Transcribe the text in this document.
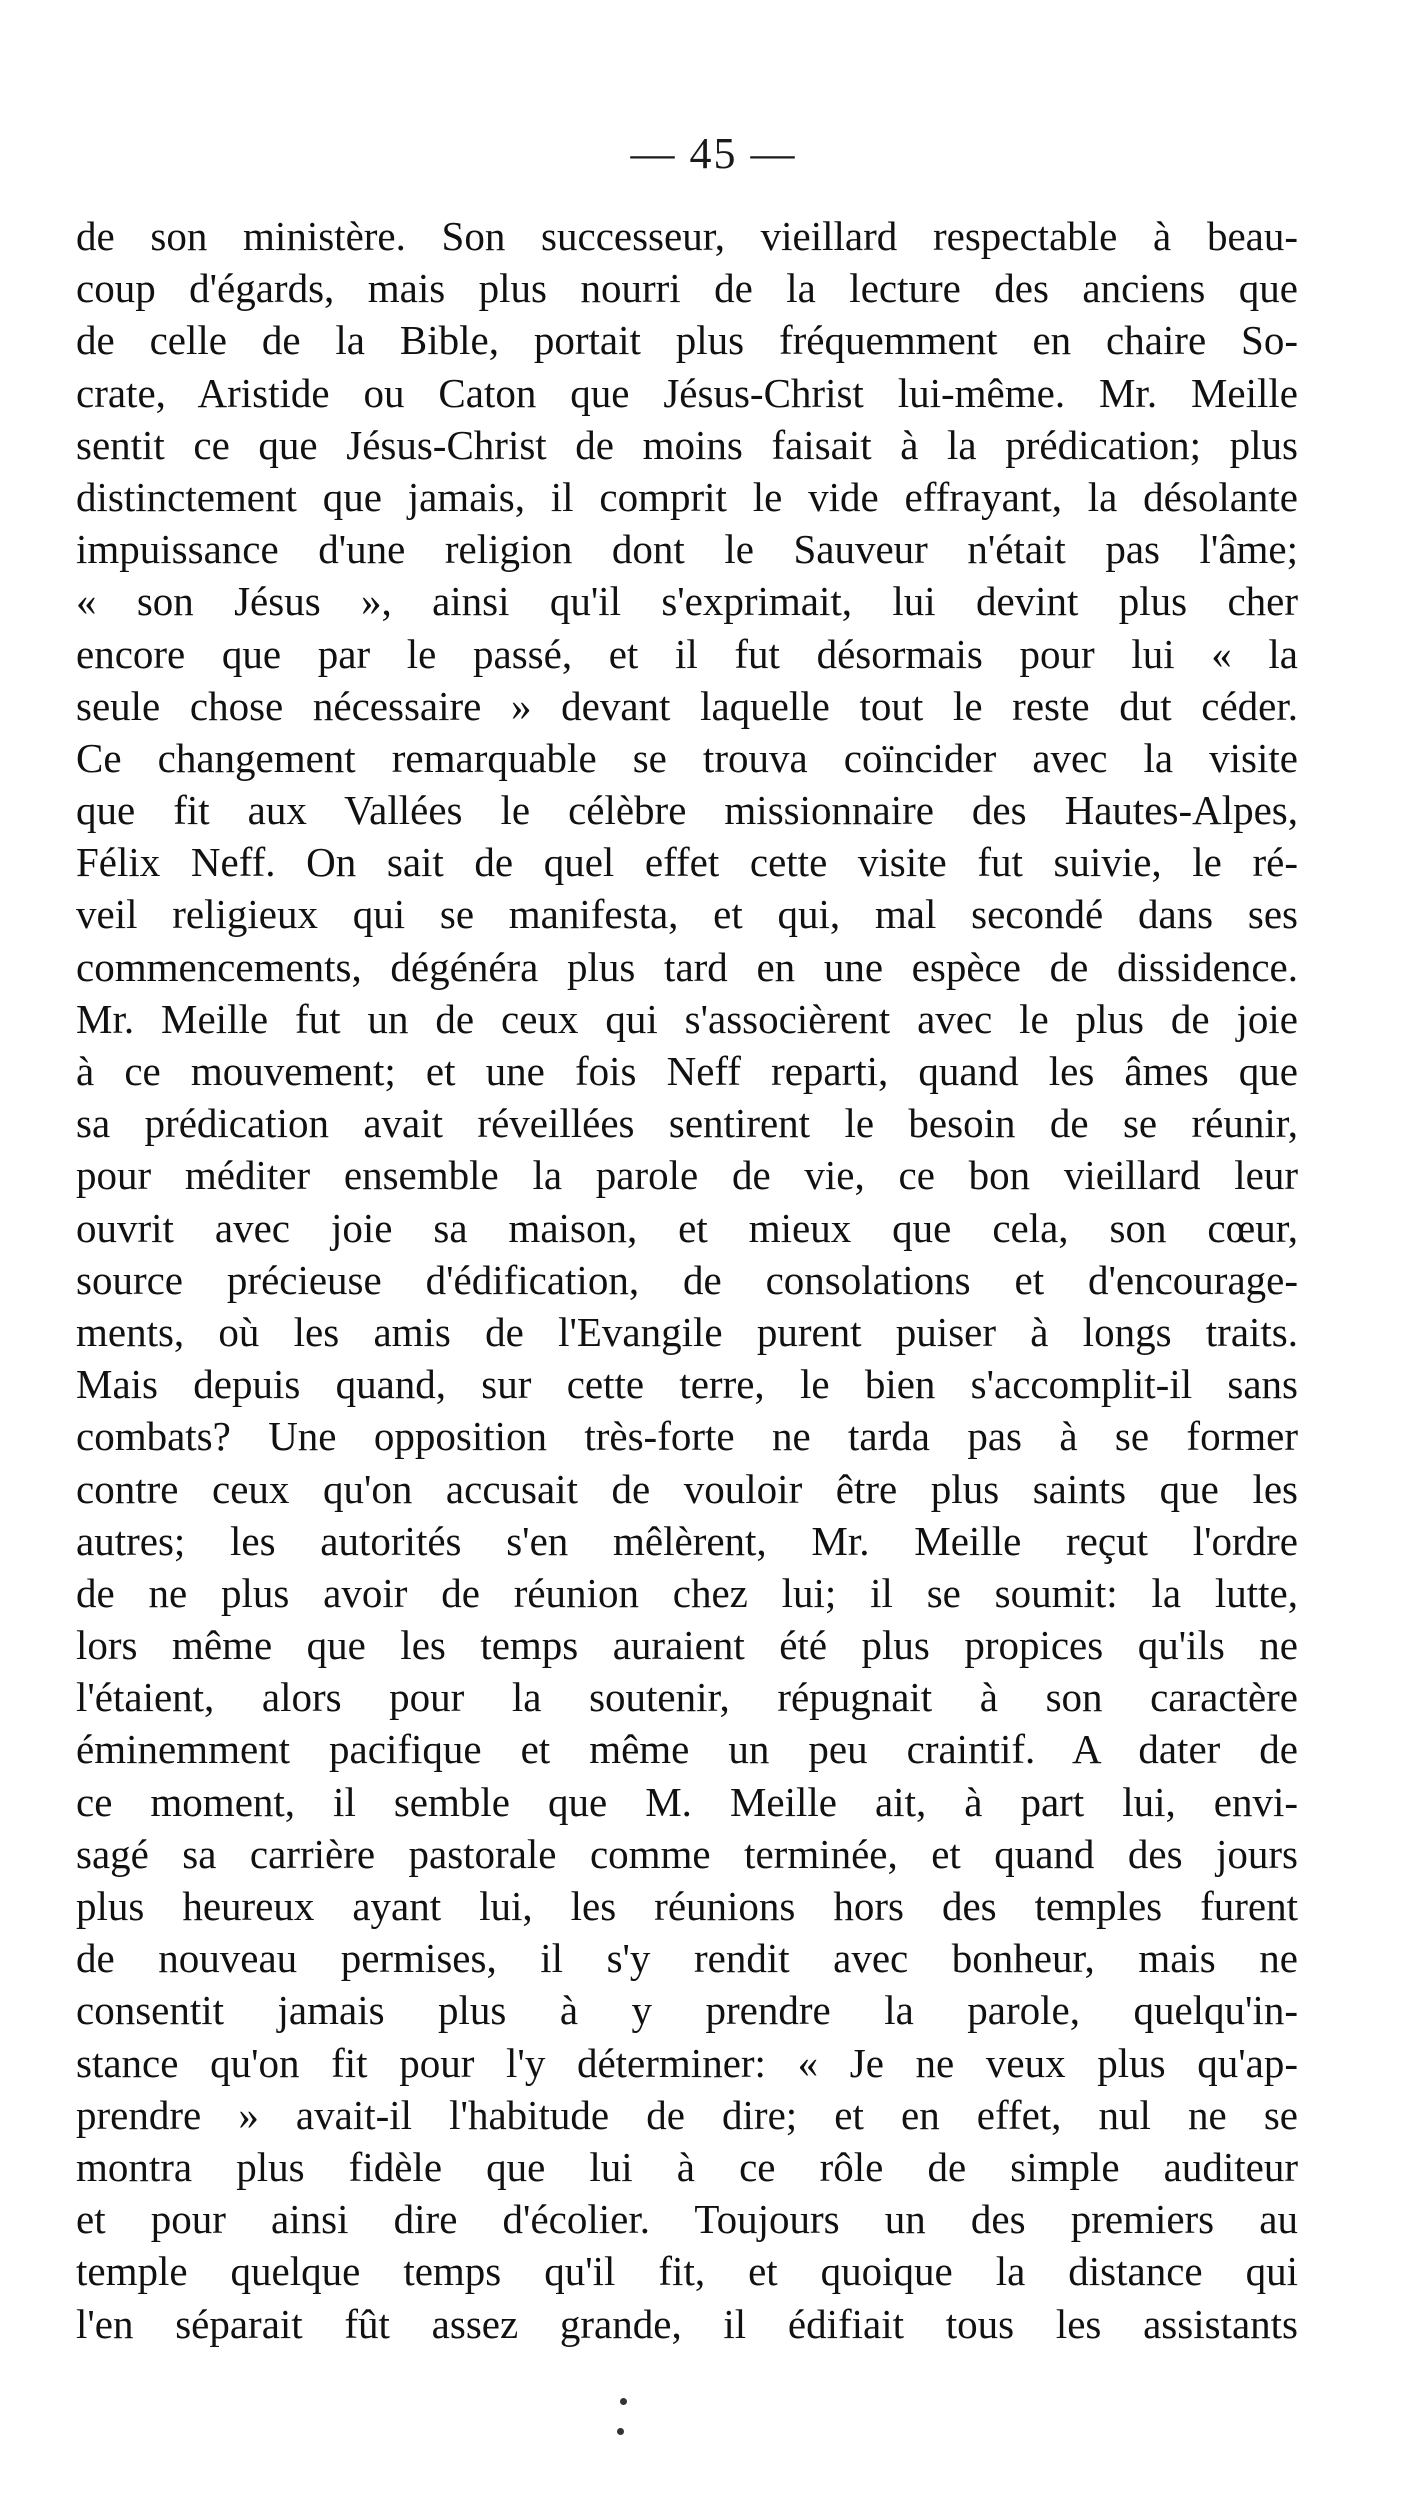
— 45 —
de son ministère. Son successeur, vieillard respectable à beau-
coup d'égards, mais plus nourri de la lecture des anciens que
de celle de la Bible, portait plus fréquemment en chaire So-
crate, Aristide ou Caton que Jésus-Christ lui-même. Mr. Meille
sentit ce que Jésus-Christ de moins faisait à la prédication; plus
distinctement que jamais, il comprit le vide effrayant, la désolante
impuissance d'une religion dont le Sauveur n'était pas l'âme;
« son Jésus », ainsi qu'il s'exprimait, lui devint plus cher
encore que par le passé, et il fut désormais pour lui « la
seule chose nécessaire » devant laquelle tout le reste dut céder.
Ce changement remarquable se trouva coïncider avec la visite
que fit aux Vallées le célèbre missionnaire des Hautes-Alpes,
Félix Neff. On sait de quel effet cette visite fut suivie, le ré-
veil religieux qui se manifesta, et qui, mal secondé dans ses
commencements, dégénéra plus tard en une espèce de dissidence.
Mr. Meille fut un de ceux qui s'associèrent avec le plus de joie
à ce mouvement; et une fois Neff reparti, quand les âmes que
sa prédication avait réveillées sentirent le besoin de se réunir,
pour méditer ensemble la parole de vie, ce bon vieillard leur
ouvrit avec joie sa maison, et mieux que cela, son cœur,
source précieuse d'édification, de consolations et d'encourage-
ments, où les amis de l'Evangile purent puiser à longs traits.
Mais depuis quand, sur cette terre, le bien s'accomplit-il sans
combats? Une opposition très-forte ne tarda pas à se former
contre ceux qu'on accusait de vouloir être plus saints que les
autres; les autorités s'en mêlèrent, Mr. Meille reçut l'ordre
de ne plus avoir de réunion chez lui; il se soumit: la lutte,
lors même que les temps auraient été plus propices qu'ils ne
l'étaient, alors pour la soutenir, répugnait à son caractère
éminemment pacifique et même un peu craintif. A dater de
ce moment, il semble que M. Meille ait, à part lui, envi-
sagé sa carrière pastorale comme terminée, et quand des jours
plus heureux ayant lui, les réunions hors des temples furent
de nouveau permises, il s'y rendit avec bonheur, mais ne
consentit jamais plus à y prendre la parole, quelqu'in-
stance qu'on fit pour l'y déterminer: « Je ne veux plus qu'ap-
prendre » avait-il l'habitude de dire; et en effet, nul ne se
montra plus fidèle que lui à ce rôle de simple auditeur
et pour ainsi dire d'écolier. Toujours un des premiers au
temple quelque temps qu'il fit, et quoique la distance qui
l'en séparait fût assez grande, il édifiait tous les assistants
